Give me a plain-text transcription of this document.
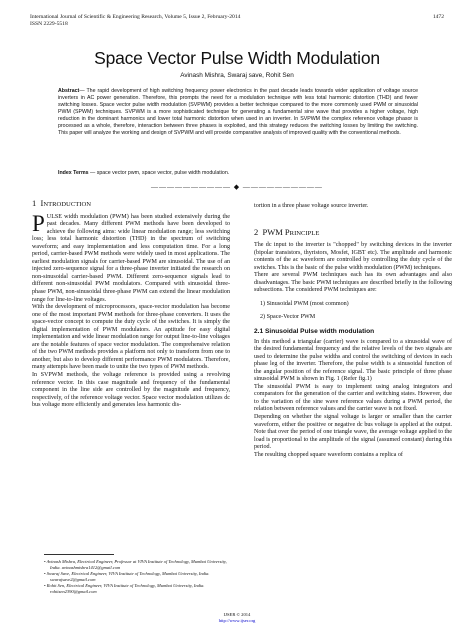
International Journal of Scientific & Engineering Research, Volume 5, Issue 2, February-2014
ISSN 2229-5518
1472
Space Vector Pulse Width Modulation
Avinash Mishra, Swaraj save, Rohit Sen
Abstract— The rapid development of high switching frequency power electronics in the past decade leads towards wider application of voltage source inverters in AC power generation. Therefore, this prompts the need for a modulation technique with less total harmonic distortion (THD) and fewer switching losses. Space vector pulse width modulation (SVPWM) provides a better technique compared to the more commonly used PWM or sinusoidal PWM (SPWM) techniques. SVPWM is a more sophisticated technique for generating a fundamental sine wave that provides a higher voltage, high reduction in the dominant harmonics and lower total harmonic distortion when used in an inverter. In SVPWM the complex reference voltage phasor is processed as a whole, therefore, interaction between three phases is exploited, and this strategy reduces the switching losses by limiting the switching. This paper will analyze the working and design of SVPWM and will provide comparative analysis of improved quality with the conventional methods.
Index Terms — space vector pwm, space vector, pulse width modulation.
—————————— ◆ ——————————
1 INTRODUCTION

PULSE width modulation (PWM) has been studied extensively during the past decades. Many different PWM methods have been developed to achieve the following aims: wide linear modulation range; less switching loss; less total harmonic distortion (THD) in the spectrum of switching waveform; and easy implementation and less computation time. For a long period, carrier-based PWM methods were widely used in most applications. The earliest modulation signals for carrier-based PWM are sinusoidal. The use of an injected zero-sequence signal for a three-phase inverter initiated the research on non-sinusoidal carrier-based PWM. Different zero-sequence signals lead to different non-sinusoidal PWM modulators. Compared with sinusoidal three-phase PWM, non-sinusoidal three-phase PWM can extend the linear modulation range for line-to-line voltages.

With the development of microprocessors, space-vector modulation has become one of the most important PWM methods for three-phase converters. It uses the space-vector concept to compute the duty cycle of the switches. It is simply the digital implementation of PWM modulators. An aptitude for easy digital implementation and wide linear modulation range for output line-to-line voltages are the notable features of space vector modulation. The comprehensive relation of the two PWM methods provides a platform not only to transform from one to another, but also to develop different performance PWM modulators. Therefore, many attempts have been made to unite the two types of PWM methods.

In SVPWM methods, the voltage reference is provided using a revolving reference vector. In this case magnitude and frequency of the fundamental component in the line side are controlled by the magnitude and frequency, respectively, of the reference voltage vector. Space vector modulation utilizes dc bus voltage more efficiently and generates less harmonic dis-

tortion in a three phase voltage source inverter.

2 PWM PRINCIPLE

The dc input to the inverter is "chopped" by switching devices in the inverter (bipolar transistors, thyristors, Mosfet, IGBT etc). The amplitude and harmonic contents of the ac waveform are controlled by controlling the duty cycle of the switches. This is the basic of the pulse width modulation (PWM) techniques.

There are several PWM techniques each has its own advantages and also disadvantages. The basic PWM techniques are described briefly in the following subsections. The considered PWM techniques are:

1) Sinusoidal PWM (most common)

2) Space-Vector PWM

2.1 Sinusoidal Pulse width modulation

In this method a triangular (carrier) wave is compared to a sinusoidal wave of the desired fundamental frequency and the relative levels of the two signals are used to determine the pulse widths and control the switching of devices in each phase leg of the inverter. Therefore, the pulse width is a sinusoidal function of the angular position of the reference signal. The basic principle of three phase sinusoidal PWM is shown in Fig. 1 (Refer fig.1)

The sinusoidal PWM is easy to implement using analog integrators and comparators for the generation of the carrier and switching states. However, due to the variation of the sine wave reference values during a PWM period, the relation between reference values and the carrier wave is not fixed.

Depending on whether the signal voltage is larger or smaller than the carrier waveform, either the positive or negative dc bus voltage is applied at the output. Note that over the period of one triangle wave, the average voltage applied to the load is proportional to the amplitude of the signal (assumed constant) during this period.

The resulting chopped square waveform contains a replica of

• Avinash Mishra, Electrical Engineer, Professor at VIVA Institute of Technology, Mumbai University, India. avinashmishra1412@gmail.com
• Swaraj Save, Electrical Engineer, VIVA Institute of Technology, Mumbai University, India. swarajsave2@gmail.com
• Rohit Sen, Electrical Engineer, VIVA Institute of Technology, Mumbai University, India. rohitsen2390@gmail.com
IJSER © 2014
http://www.ijser.org
